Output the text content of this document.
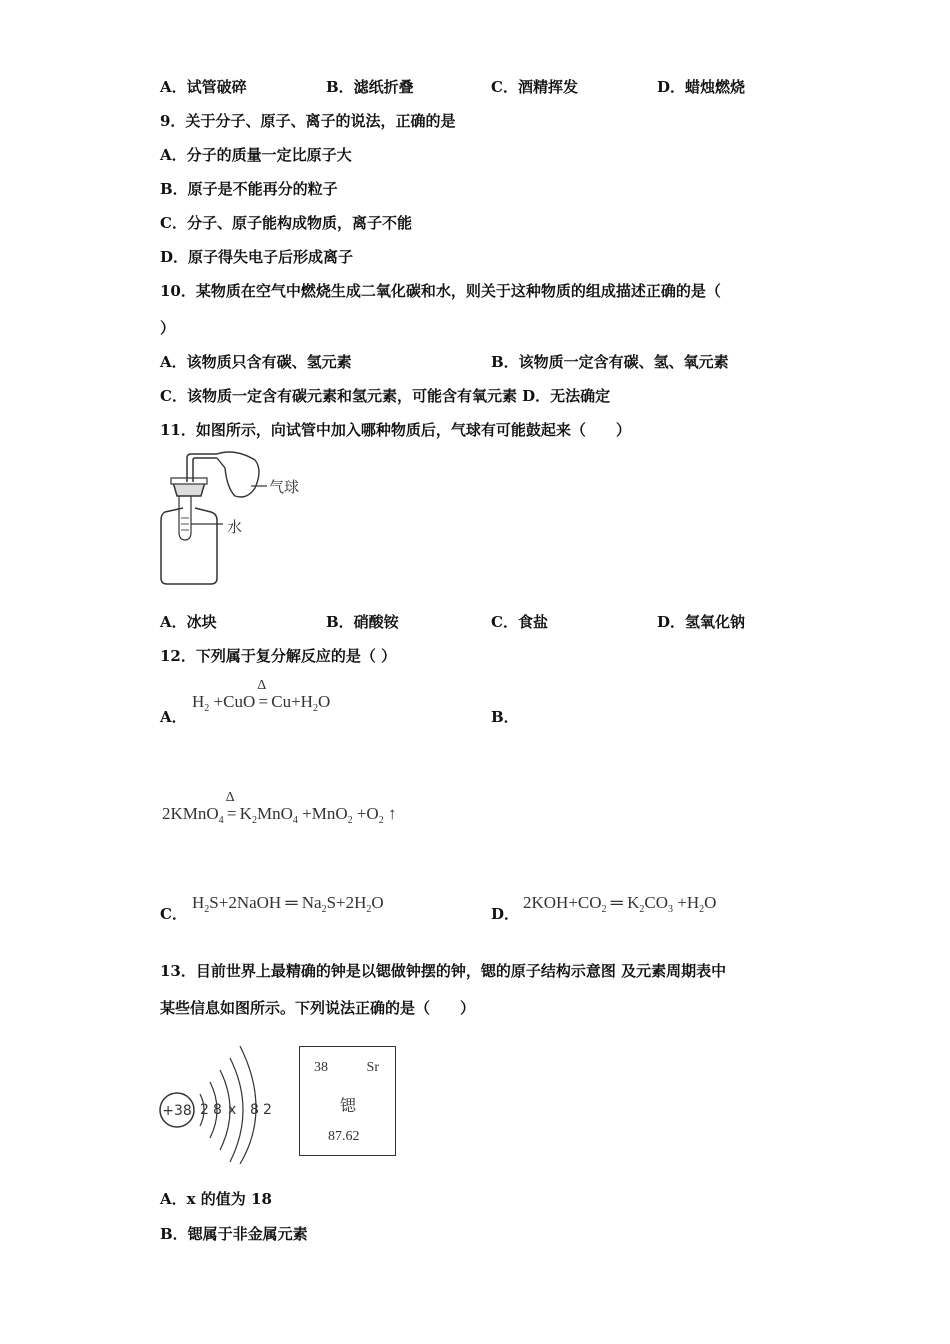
A．试管破碎	B．滤纸折叠	C．酒精挥发	D．蜡烛燃烧
9．关于分子、原子、离子的说法，正确的是
A．分子的质量一定比原子大
B．原子是不能再分的粒子
C．分子、原子能构成物质，离子不能
D．原子得失电子后形成离子
10．某物质在空气中燃烧生成二氧化碳和水，则关于这种物质的组成描述正确的是（
）
A．该物质只含有碳、氢元素	B．该物质一定含有碳、氢、氧元素
C．该物质一定含有碳元素和氢元素，可能含有氧元素 D．无法确定
11．如图所示，向试管中加入哪种物质后，气球有可能鼓起来（　　）
气球
水
A．冰块	B．硝酸铵	C．食盐	D．氢氧化钠
12．下列属于复分解反应的是（ ）
A．
$H_2 +CuO$
Δ
= $Cu+H_2O$
B．
2KMnO$_4$
Δ
= $K_2MnO_4 +MnO_2 +O_2$ ↑
C．
$H_2S+2NaOH$ ═ $Na_2S+2H_2O$
D．
$2KOH+CO_2$ ═ $K_2CO_3 +H_2O$
13．目前世界上最精确的钟是以锶做钟摆的钟，锶的原子结构示意图 及元素周期表中
某些信息如图所示。下列说法正确的是（　　）
+38 2 8 x 8 2
38	Sr
锶
87.62
A．x 的值为 18
B．锶属于非金属元素
